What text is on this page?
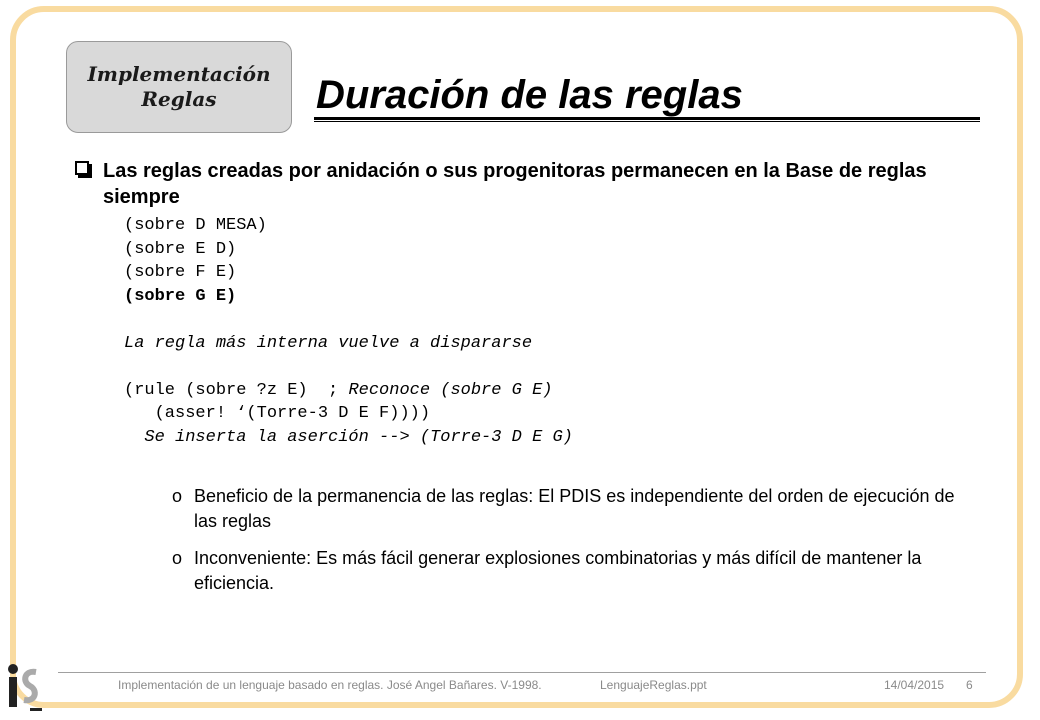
Implementación
Reglas Duración de las reglas
Las reglas creadas por anidación o sus progenitoras permanecen en la Base de reglas siempre
(sobre D MESA)
(sobre E D)
(sobre F E)
(sobre G E)

La regla más interna vuelve a dispararse

(rule (sobre ?z E)  ; Reconoce (sobre G E)
(asser! ‘(Torre-3 D E F))))
Se inserta la aserción --> (Torre-3 D E G)
o Beneficio de la permanencia de las reglas: El PDIS es independiente del orden de ejecución de las reglas
o Inconveniente: Es más fácil generar explosiones combinatorias y más difícil de mantener la eficiencia.
Implementación de un lenguaje basado en reglas. José Angel Bañares. V-1998.	LenguajeReglas.ppt	14/04/2015 6
